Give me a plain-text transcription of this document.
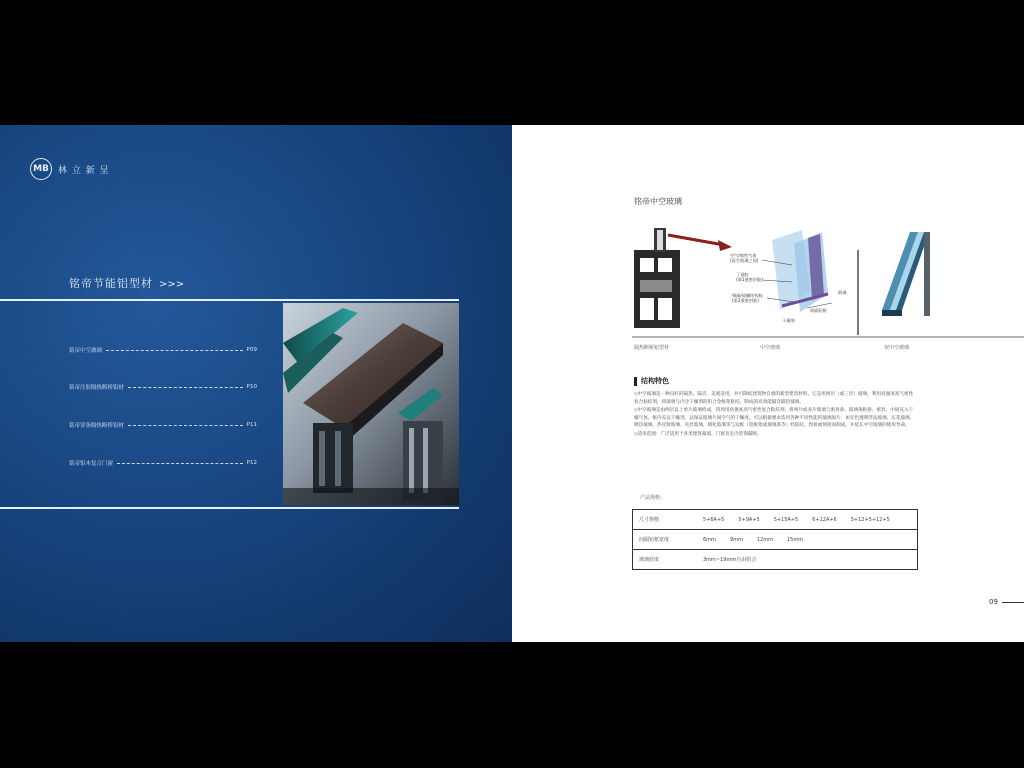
MB	林 立 新 呈
铭帝节能铝型材 >>>
铭帝中空玻璃	P09
铭帝注胶隔热断桥铝材	P10
铭帝穿条隔热断桥铝材	P11
铭帝铝木复合门窗	P12
铭帝中空玻璃
空气/惰性气体
(再生玻璃之间)
丁基胶
(第1道密封胶)
聚硫/硅酮结构胶
(第2道密封胶)
玻璃
间隔铝框
干燥剂
隔热断桥铝型材	中空玻璃	双中空玻璃
结构特色

◇中空玻璃是一种良好的隔热、隔音、美观适用、并可降低建筑物自重的新型建筑材料，它是用两层（或三层）玻璃，利用高强度高气密性复合粘结剂，将玻璃与内含干燥剂的铝合金框架粘结，制成的高效能隔音隔热玻璃。

◇中空玻璃是由两层以上单片玻璃构成，四周用高强度高气密性复合粘结剂，将两片或多片玻璃与密封条、玻璃条粘接、密封。中间充入干燥气体，框内充以干燥剂，以保证玻璃片间空气的干燥度。可以根据要求选用各种不同性能的玻璃原片，如无色透明浮法玻璃、压花玻璃、吸热玻璃、热反射玻璃、夹丝玻璃、钢化玻璃等与边框（铝框架或玻璃条等）经胶结、焊接或熔接而制成，并延长中空玻璃的使用寿命。

◇适用范围：广泛适用于各类建筑幕墙、门窗及室内装饰隔断。

产品规格：
尺寸规格	5+6A+5 5+9A+5 5+15A+5 6+12A+6 5+12+5+12+5
间隔铝框宽度	6mm 9mm 12mm 15mm
玻璃厚度	3mm~19mm自由组合
09
